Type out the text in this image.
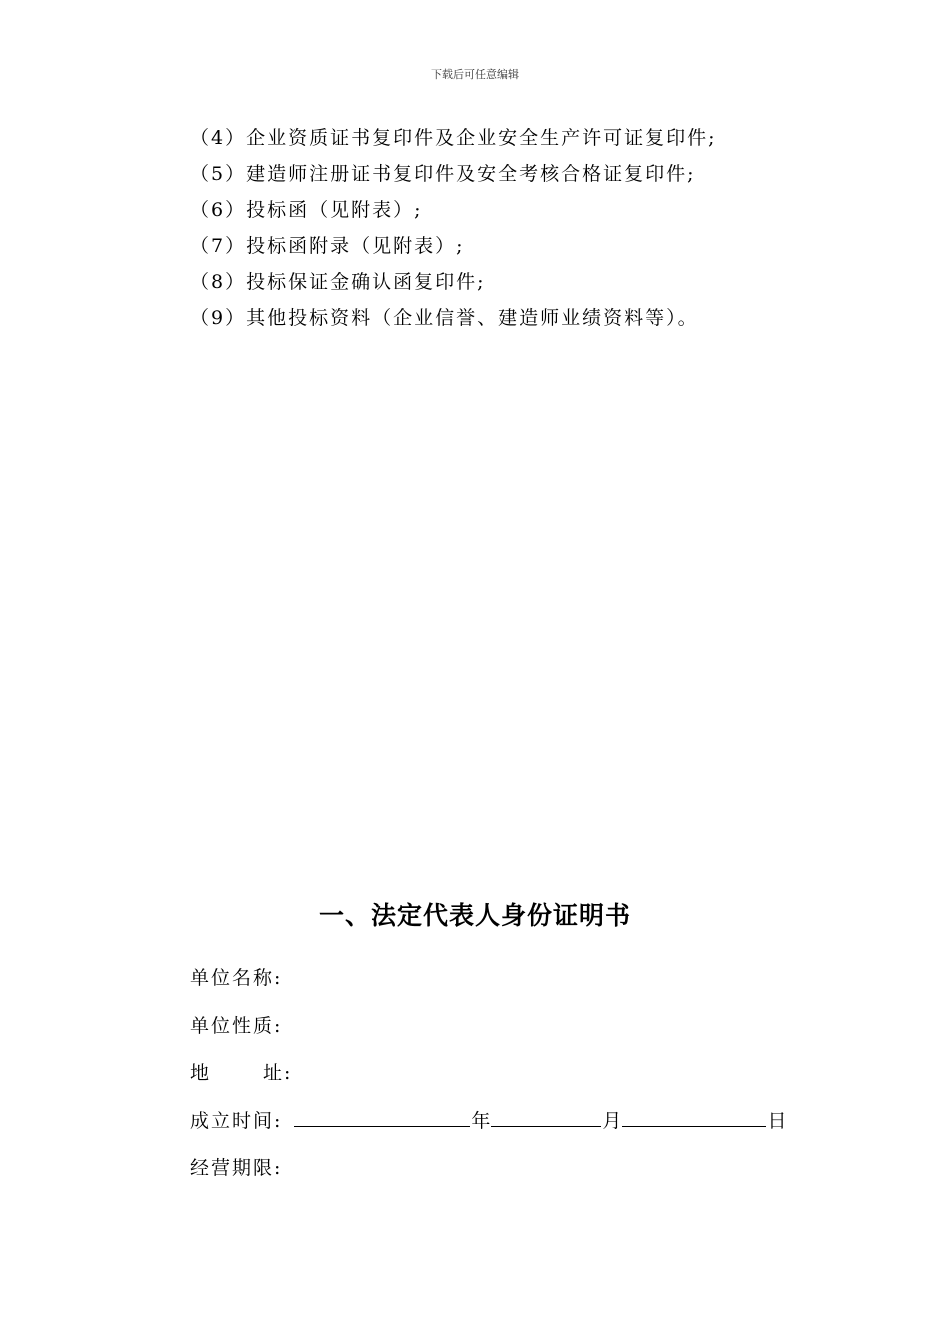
下载后可任意编辑
（4）企业资质证书复印件及企业安全生产许可证复印件;
（5）建造师注册证书复印件及安全考核合格证复印件;
（6）投标函（见附表）;
（7）投标函附录（见附表）;
（8）投标保证金确认函复印件;
（9）其他投标资料（企业信誉、建造师业绩资料等）。
一、法定代表人身份证明书
单位名称:
单位性质:
地	址:
成立时间:	年	月	日
经营期限:
